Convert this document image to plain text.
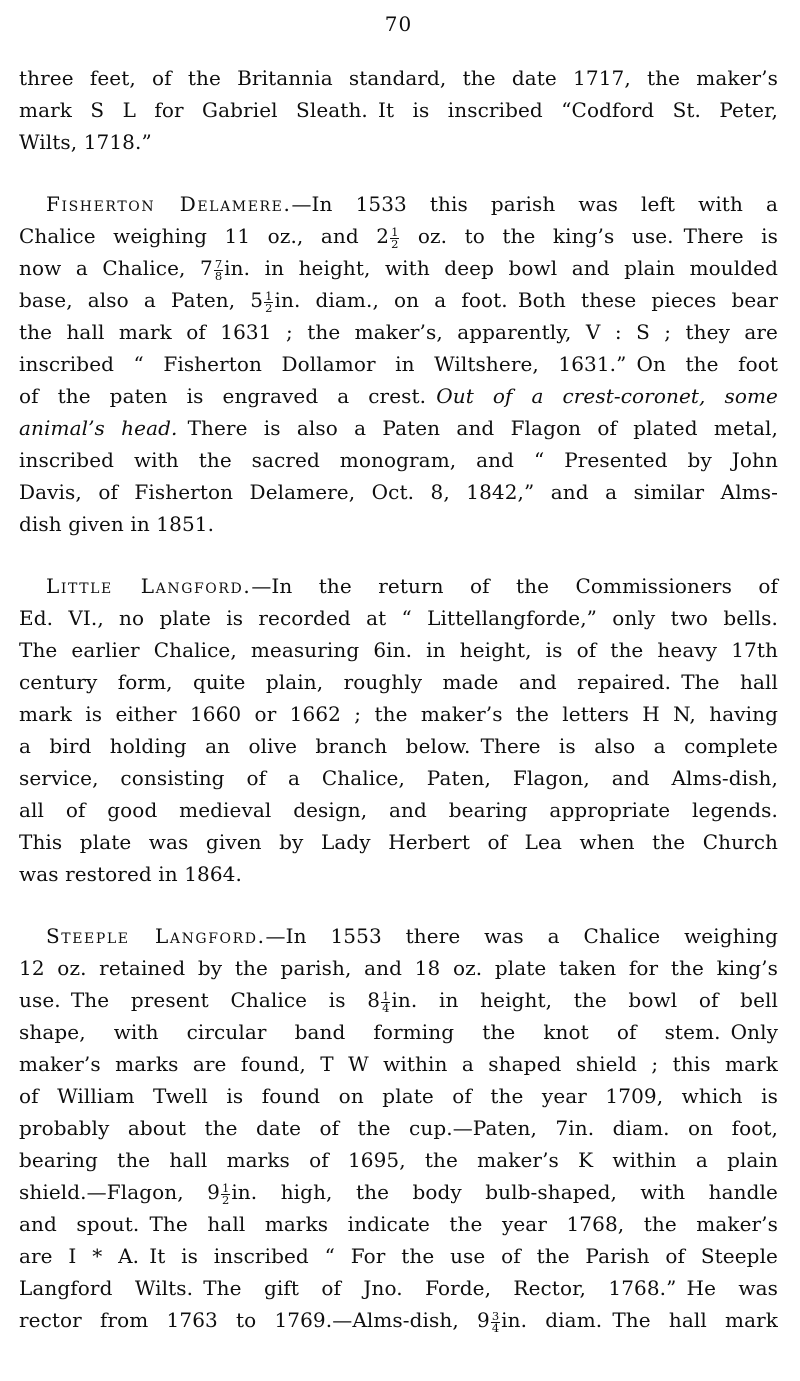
70
three feet, of the Britannia standard, the date 1717, the maker’s
mark S L for Gabriel Sleath. It is inscribed “Codford St. Peter,
Wilts, 1718.”
Fisherton Delamere.—In 1533 this parish was left with a
Chalice weighing 11 oz., and $2 \frac{1}{2}$ oz. to the king’s use. There is
now a Chalice, $7 \frac{7}{8}$ in. in height, with deep bowl and plain moulded
base, also a Paten, $5 \frac{1}{2}$ in. diam., on a foot. Both these pieces bear
the hall mark of 1631 ; the maker’s, apparently, V : S ; they are
inscribed “ Fisherton Dollamor in Wiltshere, 1631.” On the foot
of the paten is engraved a crest. Out of a crest-coronet, some
animal’s head. There is also a Paten and Flagon of plated metal,
inscribed with the sacred monogram, and “ Presented by John
Davis, of Fisherton Delamere, Oct. 8, 1842,” and a similar Alms-
dish given in 1851.
Little Langford.—In the return of the Commissioners of
Ed. VI., no plate is recorded at “ Littellangforde,” only two bells.
The earlier Chalice, measuring 6in. in height, is of the heavy 17th
century form, quite plain, roughly made and repaired. The hall
mark is either 1660 or 1662 ; the maker’s the letters H N, having
a bird holding an olive branch below. There is also a complete
service, consisting of a Chalice, Paten, Flagon, and Alms-dish,
all of good medieval design, and bearing appropriate legends.
This plate was given by Lady Herbert of Lea when the Church
was restored in 1864.
Steeple Langford.—In 1553 there was a Chalice weighing
12 oz. retained by the parish, and 18 oz. plate taken for the king’s
use. The present Chalice is $8 \frac{1}{4}$ in. in height, the bowl of bell
shape, with circular band forming the knot of stem. Only
maker’s marks are found, T W within a shaped shield ; this mark
of William Twell is found on plate of the year 1709, which is
probably about the date of the cup.—Paten, 7in. diam. on foot,
bearing the hall marks of 1695, the maker’s K within a plain
shield.—Flagon, $9 \frac{1}{2}$ in. high, the body bulb-shaped, with handle
and spout. The hall marks indicate the year 1768, the maker’s
are I * A. It is inscribed “ For the use of the Parish of Steeple
Langford Wilts. The gift of Jno. Forde, Rector, 1768.” He was
rector from 1763 to 1769.—Alms-dish, $9 \frac{3}{4}$ in. diam. The hall mark
